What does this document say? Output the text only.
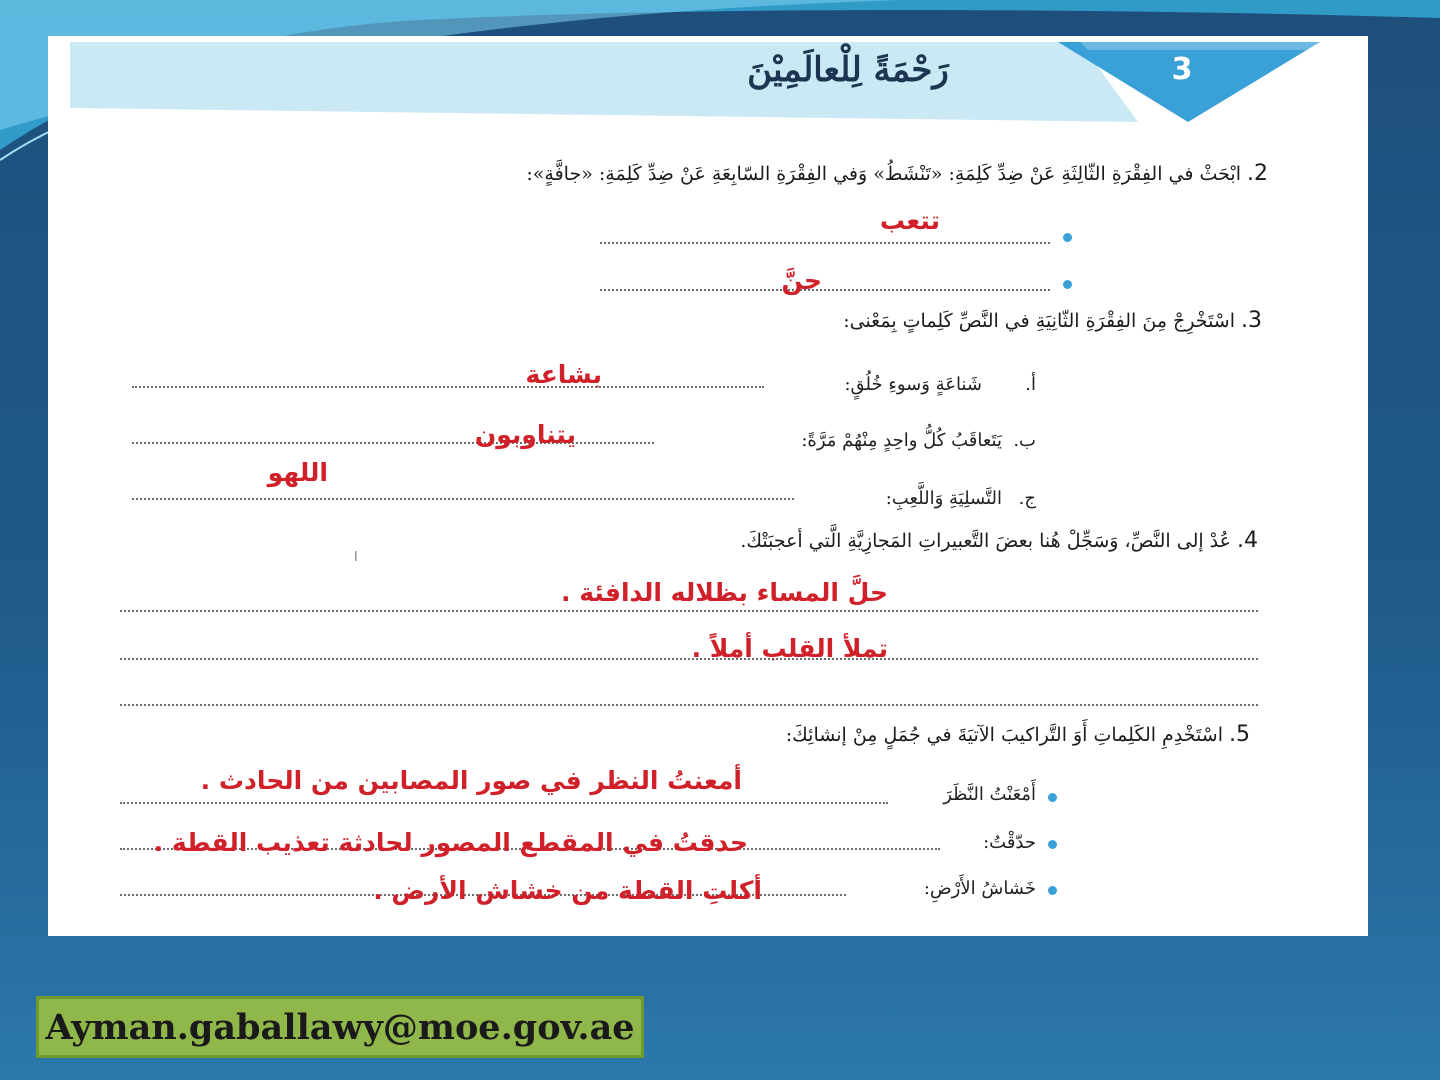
3
رَحْمَةً لِلْعالَمِيْنَ
2.ابْحَثْ في الفِقْرَةِ الثّالِثَةِ عَنْ ضِدِّ كَلِمَةِ: «تَنْشَطُ» وَفي الفِقْرَةِ السّابِعَةِ عَنْ ضِدِّ كَلِمَةِ: «جافَّةٍ»:
تتعب
حنَّ
3.اسْتَخْرِجْ مِنَ الفِقْرَةِ الثّانِيَةِ في النَّصِّ كَلِماتٍ بِمَعْنى:
أ.
شَناعَةٍ وَسوءِ خُلُقٍ:
بشاعة
ب.
يَتَعاقَبُ كُلُّ واحِدٍ مِنْهُمْ مَرَّةً:
يتناوبون
ج.
التَّسلِيَةِ وَاللَّعِبِ:
اللهو
4.عُدْ إلى النَّصِّ، وَسَجِّلْ هُنا بعضَ التَّعبيراتِ المَجازِيَّةِ الَّتي أعجبَتْكَ.
ا
حلَّ المساء بظلاله الدافئة .
تملأ القلب أملاً .
5.اسْتَخْدِمِ الكَلِماتِ أَوَ التَّراكيبَ الآتيَةَ في جُمَلٍ مِنْ إنشائِكَ:
أَمْعَنْتُ النَّظَرَ
أمعنتُ النظر في صور المصابين من الحادث .
حدّقْتُ:
حدقتُ في المقطع المصور لحادثة تعذيب القطة .
خَشاشُ الأَرْضِ:
أكلتِ القطة من خشاش الأرض .
Ayman.gaballawy@moe.gov.ae
